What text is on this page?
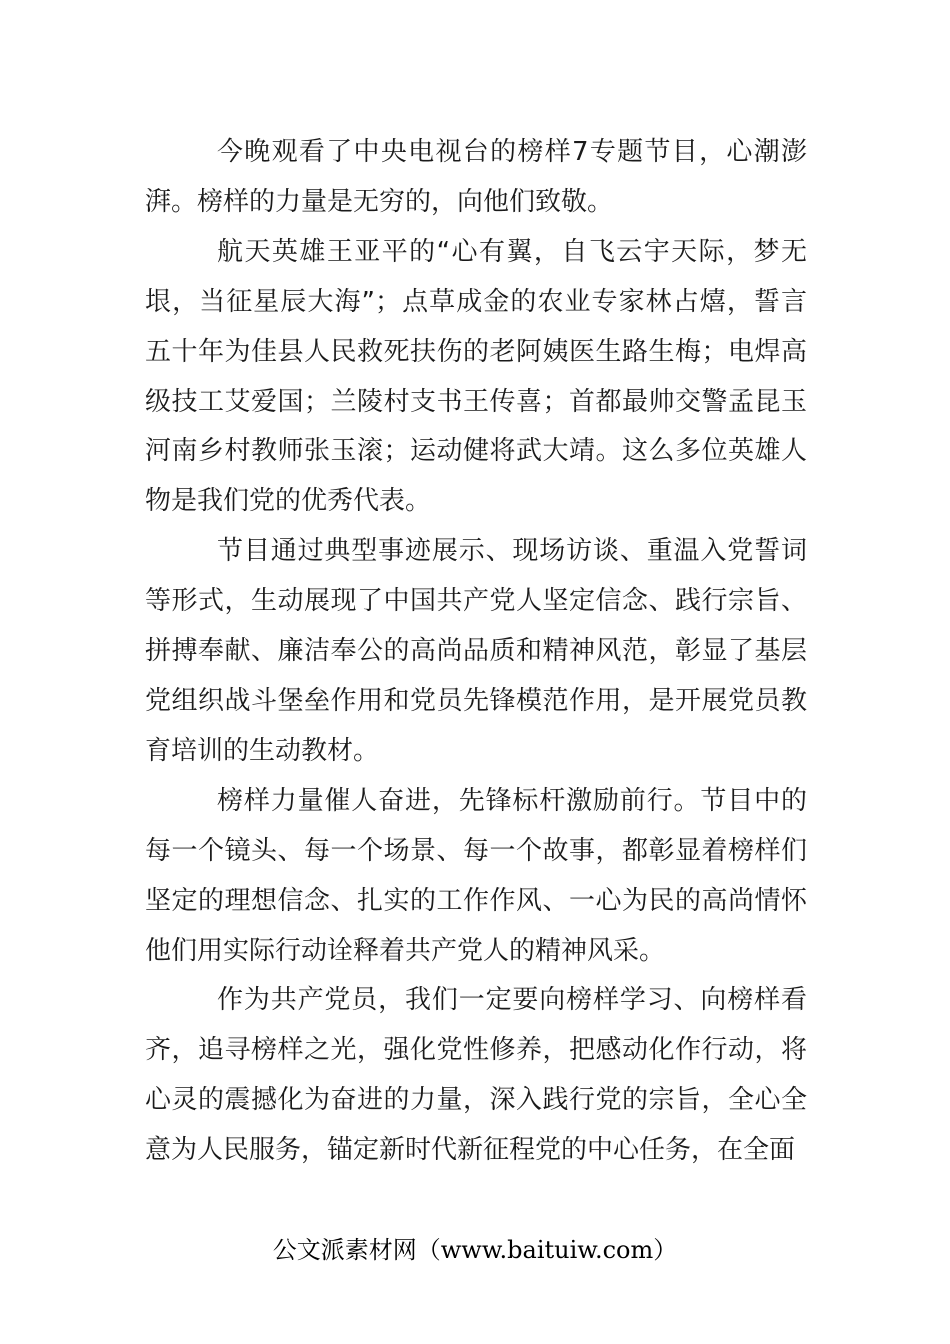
今晚观看了中央电视台的榜样7专题节目，心潮澎湃。榜样的力量是无穷的，向他们致敬。

航天英雄王亚平的“心有翼，自飞云宇天际，梦无垠，当征星辰大海”；点草成金的农业专家林占熺，誓言五十年为佳县人民救死扶伤的老阿姨医生路生梅；电焊高级技工艾爱国；兰陵村支书王传喜；首都最帅交警孟昆玉河南乡村教师张玉滚；运动健将武大靖。这么多位英雄人物是我们党的优秀代表。

节目通过典型事迹展示、现场访谈、重温入党誓词等形式，生动展现了中国共产党人坚定信念、践行宗旨、拼搏奉献、廉洁奉公的高尚品质和精神风范，彰显了基层党组织战斗堡垒作用和党员先锋模范作用，是开展党员教育培训的生动教材。

榜样力量催人奋进，先锋标杆激励前行。节目中的每一个镜头、每一个场景、每一个故事，都彰显着榜样们坚定的理想信念、扎实的工作作风、一心为民的高尚情怀他们用实际行动诠释着共产党人的精神风采。

作为共产党员，我们一定要向榜样学习、向榜样看齐，追寻榜样之光，强化党性修养，把感动化作行动，将心灵的震撼化为奋进的力量，深入践行党的宗旨，全心全意为人民服务，锚定新时代新征程党的中心任务，在全面

公文派素材网（www.baituiw.com）
